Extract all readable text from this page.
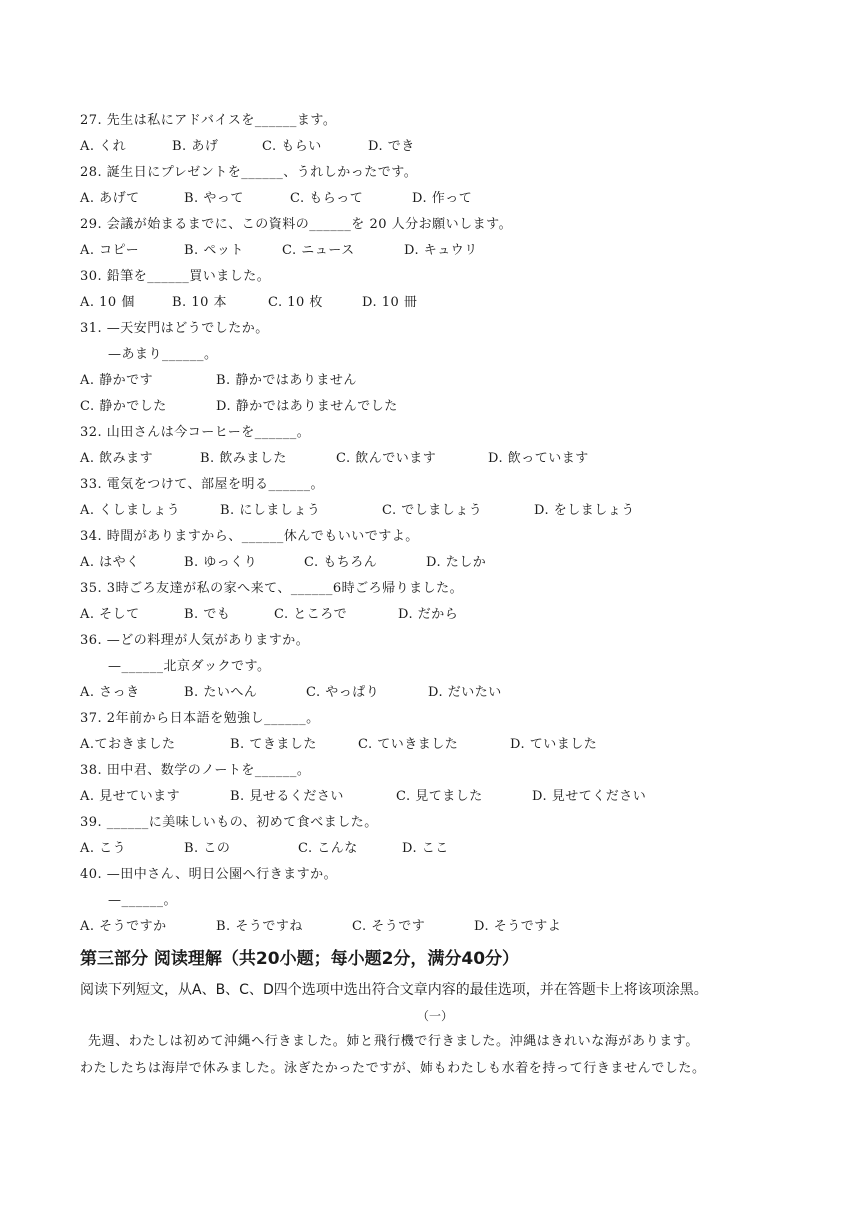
27. 先生は私にアドバイスを______ます。
A. くれ	B. あげ	C. もらい	D. でき
28. 誕生日にプレゼントを______、うれしかったです。
A. あげて	B. やって	C. もらって	D. 作って
29. 会議が始まるまでに、この資料の______を 20 人分お願いします。
A. コピー	B. ペット	C. ニュース	D. キュウリ
30. 鉛筆を______買いました。
A. 10 個	B. 10 本	C. 10 枚	D. 10 冊
31. —天安門はどうでしたか。
—あまり______。
A. 静かです	B. 静かではありません
C. 静かでした	D. 静かではありませんでした
32. 山田さんは今コーヒーを______。
A. 飲みます	B. 飲みました	C. 飲んでいます	D. 飲っています
33. 電気をつけて、部屋を明る______。
A. くしましょう	B. にしましょう	C. でしましょう	D. をしましょう
34. 時間がありますから、______休んでもいいですよ。
A. はやく	B. ゆっくり	C. もちろん	D. たしか
35. 3時ごろ友達が私の家へ来て、______6時ごろ帰りました。
A. そして	B. でも	C. ところで	D. だから
36. —どの料理が人気がありますか。
—______北京ダックです。
A. さっき	B. たいへん	C. やっぱり	D. だいたい
37. 2年前から日本語を勉強し______。
A.ておきました	B. てきました	C. ていきました	D. ていました
38. 田中君、数学のノートを______。
A. 見せています	B. 見せるください	C. 見てました	D. 見せてください
39. ______に美味しいもの、初めて食べました。
A. こう	B. この	C. こんな	D. ここ
40. —田中さん、明日公園へ行きますか。
—______。
A. そうですか	B. そうですね	C. そうです	D. そうですよ
第三部分 阅读理解（共20小题；每小题2分，满分40分）
阅读下列短文，从A、B、C、D四个选项中选出符合文章内容的最佳选项，并在答题卡上将该项涂黑。
（一）

先週、わたしは初めて沖縄へ行きました。姉と飛行機で行きました。沖縄はきれいな海があります。

わたしたちは海岸で休みました。泳ぎたかったですが、姉もわたしも水着を持って行きませんでした。
